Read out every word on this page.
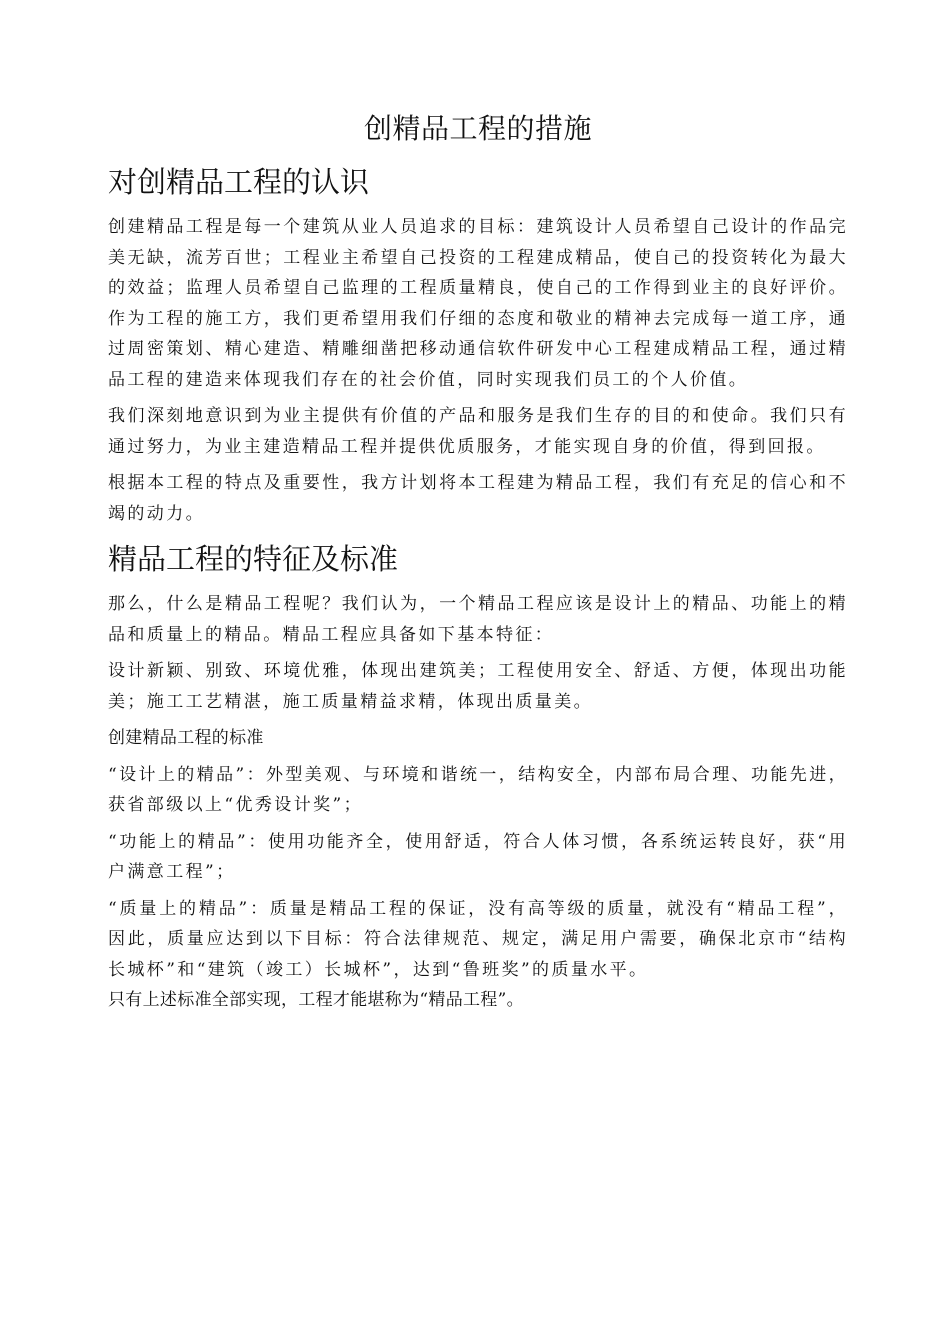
创精品工程的措施
对创精品工程的认识

创建精品工程是每一个建筑从业人员追求的目标：建筑设计人员希望自己设计的作品完美无缺，流芳百世；工程业主希望自己投资的工程建成精品，使自己的投资转化为最大的效益；监理人员希望自己监理的工程质量精良，使自己的工作得到业主的良好评价。作为工程的施工方，我们更希望用我们仔细的态度和敬业的精神去完成每一道工序，通过周密策划、精心建造、精雕细凿把移动通信软件研发中心工程建成精品工程，通过精品工程的建造来体现我们存在的社会价值，同时实现我们员工的个人价值。

我们深刻地意识到为业主提供有价值的产品和服务是我们生存的目的和使命。我们只有通过努力，为业主建造精品工程并提供优质服务，才能实现自身的价值，得到回报。

根据本工程的特点及重要性，我方计划将本工程建为精品工程，我们有充足的信心和不竭的动力。

精品工程的特征及标准

那么，什么是精品工程呢？我们认为，一个精品工程应该是设计上的精品、功能上的精品和质量上的精品。精品工程应具备如下基本特征：

设计新颖、别致、环境优雅，体现出建筑美；工程使用安全、舒适、方便，体现出功能美；施工工艺精湛，施工质量精益求精，体现出质量美。

创建精品工程的标准

“设计上的精品”：外型美观、与环境和谐统一，结构安全，内部布局合理、功能先进，获省部级以上“优秀设计奖”；

“功能上的精品”：使用功能齐全，使用舒适，符合人体习惯，各系统运转良好，获“用户满意工程”；

“质量上的精品”：质量是精品工程的保证，没有高等级的质量，就没有“精品工程”，因此，质量应达到以下目标：符合法律规范、规定，满足用户需要，确保北京市“结构长城杯”和“建筑（竣工）长城杯”，达到“鲁班奖”的质量水平。

只有上述标准全部实现，工程才能堪称为“精品工程”。
